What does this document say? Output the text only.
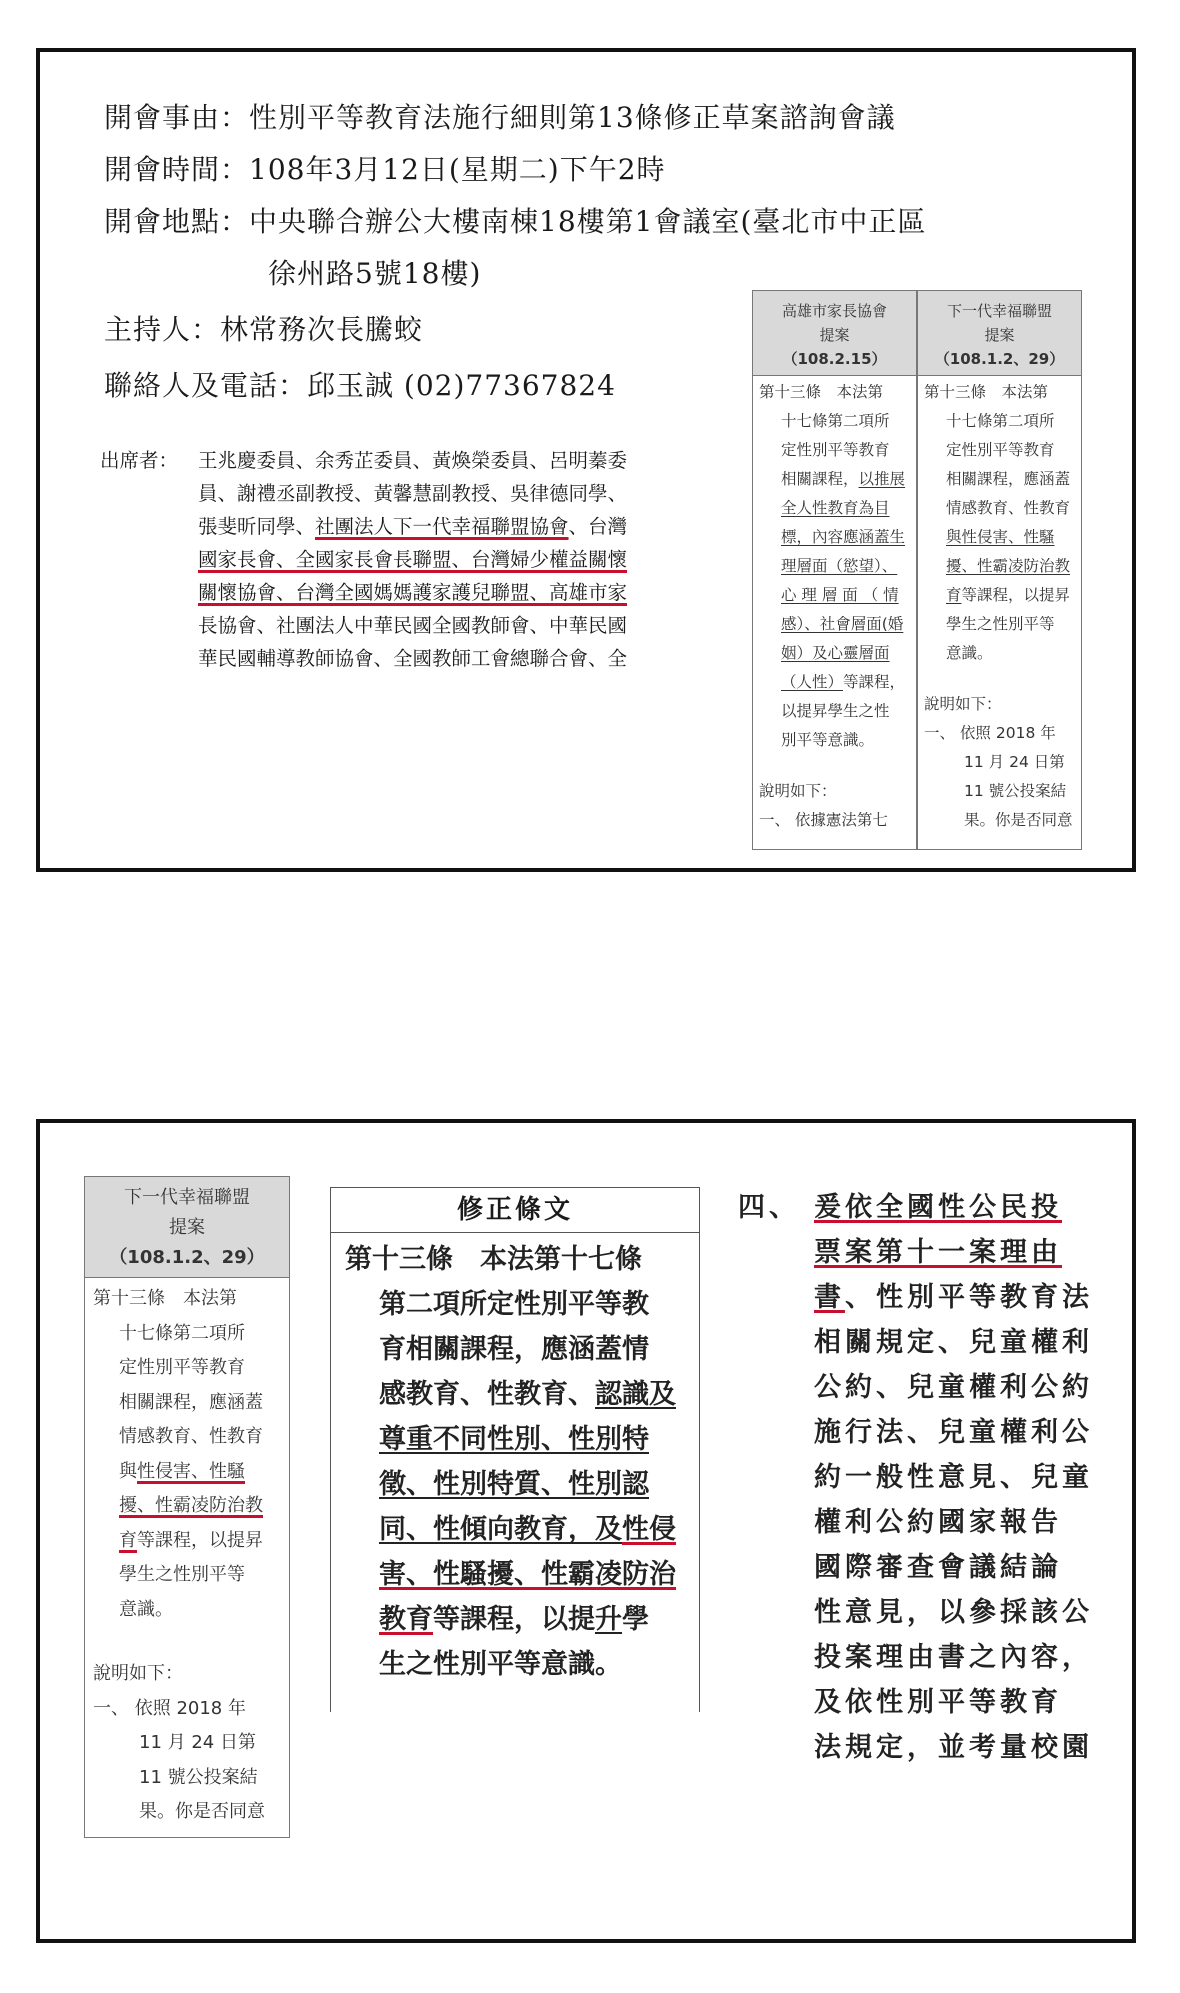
開會事由：性別平等教育法施行細則第13條修正草案諮詢會議
開會時間：108年3月12日(星期二)下午2時
開會地點：中央聯合辦公大樓南棟18樓第1會議室(臺北市中正區
徐州路5號18樓)
主持人：林常務次長騰蛟
聯絡人及電話：邱玉誠 (02)77367824
出席者： 王兆慶委員、余秀芷委員、黃煥榮委員、呂明蓁委
員、謝禮丞副教授、黃馨慧副教授、吳律德同學、
張斐昕同學、社團法人下一代幸福聯盟協會、台灣
國家長會、全國家長會長聯盟、台灣婦少權益關懷
關懷協會、台灣全國媽媽護家護兒聯盟、高雄市家
長協會、社團法人中華民國全國教師會、中華民國
華民國輔導教師協會、全國教師工會總聯合會、全
高雄市家長協會
提案
（108.2.15）
第十三條　本法第
十七條第二項所
定性別平等教育
相關課程，以推展
全人性教育為目
標，內容應涵蓋生
理層面（慾望）、
心 理 層 面 （ 情
感）、社會層面(婚
姻）及心靈層面
（人性）等課程，
以提昇學生之性
別平等意識。
說明如下：
一、 依據憲法第七
下一代幸福聯盟
提案
（108.1.2、29）
第十三條　本法第
十七條第二項所
定性別平等教育
相關課程，應涵蓋
情感教育、性教育
與性侵害、性騷
擾、性霸凌防治教
育等課程，以提昇
學生之性別平等
意識。
說明如下：
一、 依照 2018 年
11 月 24 日第
11 號公投案結
果。你是否同意
下一代幸福聯盟
提案
（108.1.2、29）
第十三條　本法第
十七條第二項所
定性別平等教育
相關課程，應涵蓋
情感教育、性教育
與性侵害、性騷
擾、性霸凌防治教
育等課程，以提昇
學生之性別平等
意識。
說明如下：
一、 依照 2018 年
11 月 24 日第
11 號公投案結
果。你是否同意
修正條文
第十三條　本法第十七條
第二項所定性別平等教
育相關課程，應涵蓋情
感教育、性教育、認識及
尊重不同性別、性別特
徵、性別特質、性別認
同、性傾向教育，及性侵
害、性騷擾、性霸凌防治
教育等課程，以提升學
生之性別平等意識。
四、 爰依全國性公民投
票案第十一案理由
書、性別平等教育法
相關規定、兒童權利
公約、兒童權利公約
施行法、兒童權利公
約一般性意見、兒童
權利公約國家報告
國際審查會議結論
性意見，以參採該公
投案理由書之內容，
及依性別平等教育
法規定，並考量校園
